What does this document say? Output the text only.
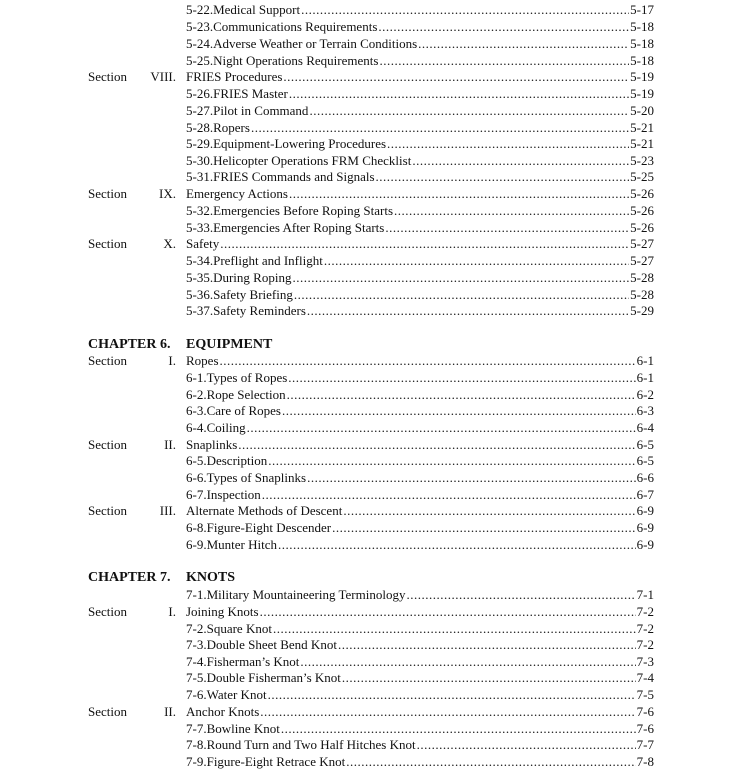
5-22. Medical Support .....	5-17
5-23. Communications Requirements .....	5-18
5-24. Adverse Weather or Terrain Conditions .....	5-18
5-25. Night Operations Requirements .....	5-18
Section VIII. FRIES Procedures .....	5-19
5-26. FRIES Master .....	5-19
5-27. Pilot in Command .....	5-20
5-28. Ropers .....	5-21
5-29. Equipment-Lowering Procedures .....	5-21
5-30. Helicopter Operations FRM Checklist .....	5-23
5-31. FRIES Commands and Signals .....	5-25
Section IX. Emergency Actions .....	5-26
5-32. Emergencies Before Roping Starts .....	5-26
5-33. Emergencies After Roping Starts .....	5-26
Section	X. Safety .....	5-27
5-34. Preflight and Inflight .....	5-27
5-35. During Roping .....	5-28
5-36. Safety Briefing .....	5-28
5-37. Safety Reminders .....	5-29
CHAPTER 6. EQUIPMENT
Section	I. Ropes .....	6-1
6-1. Types of Ropes .....	6-1
6-2. Rope Selection .....	6-2
6-3. Care of Ropes .....	6-3
6-4. Coiling .....	6-4
Section	II. Snaplinks .....	6-5
6-5. Description .....	6-5
6-6. Types of Snaplinks .....	6-6
6-7. Inspection .....	6-7
Section	III. Alternate Methods of Descent .....	6-9
6-8. Figure-Eight Descender .....	6-9
6-9. Munter Hitch .....	6-9
CHAPTER 7. KNOTS
7-1. Military Mountaineering Terminology .....	7-1
Section	I. Joining Knots .....	7-2
7-2. Square Knot .....	7-2
7-3. Double Sheet Bend Knot .....	7-2
7-4. Fisherman’s Knot .....	7-3
7-5. Double Fisherman’s Knot .....	7-4
7-6. Water Knot .....	7-5
Section	II. Anchor Knots .....	7-6
7-7. Bowline Knot .....	7-6
7-8. Round Turn and Two Half Hitches Knot .....	7-7
7-9. Figure-Eight Retrace Knot .....	7-8
